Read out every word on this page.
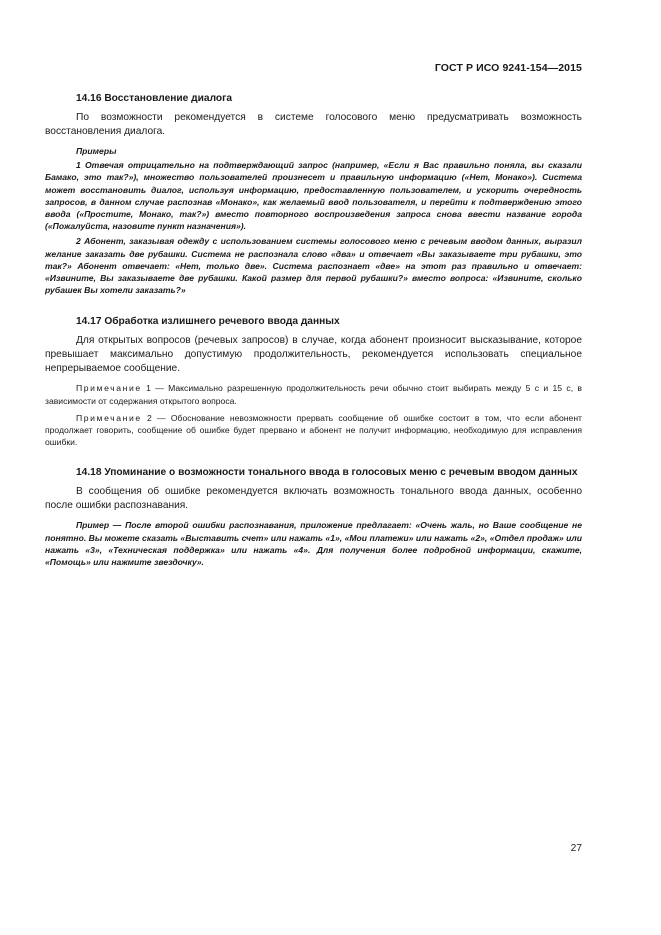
ГОСТ Р ИСО 9241-154—2015

14.16 Восстановление диалога

По возможности рекомендуется в системе голосового меню предусматривать возможность восстановления диалога.

Примеры

1 Отвечая отрицательно на подтверждающий запрос (например, «Если я Вас правильно поняла, вы сказали Бамако, это так?»), множество пользователей произнесет и правильную информацию («Нет, Монако»). Система может восстановить диалог, используя информацию, предоставленную пользователем, и ускорить очередность запросов, в данном случае распознав «Монако», как желаемый ввод пользователя, и перейти к подтверждению этого ввода («Простите, Монако, так?») вместо повторного воспроизведения запроса снова ввести название города («Пожалуйста, назовите пункт назначения»).

2 Абонент, заказывая одежду с использованием системы голосового меню с речевым вводом данных, выразил желание заказать две рубашки. Система не распознала слово «два» и отвечает «Вы заказываете три рубашки, это так?» Абонент отвечает: «Нет, только две». Система распознает «две» на этот раз правильно и отвечает: «Извините, Вы заказываете две рубашки. Какой размер для первой рубашки?» вместо вопроса: «Извините, сколько рубашек Вы хотели заказать?»

14.17 Обработка излишнего речевого ввода данных

Для открытых вопросов (речевых запросов) в случае, когда абонент произносит высказывание, которое превышает максимально допустимую продолжительность, рекомендуется использовать специальное непрерываемое сообщение.

Примечание 1 — Максимально разрешенную продолжительность речи обычно стоит выбирать между 5 с и 15 с, в зависимости от содержания открытого вопроса.

Примечание 2 — Обоснование невозможности прервать сообщение об ошибке состоит в том, что если абонент продолжает говорить, сообщение об ошибке будет прервано и абонент не получит информацию, необходимую для исправления ошибки.

14.18 Упоминание о возможности тонального ввода в голосовых меню с речевым вводом данных

В сообщения об ошибке рекомендуется включать возможность тонального ввода данных, особенно после ошибки распознавания.

Пример — После второй ошибки распознавания, приложение предлагает: «Очень жаль, но Ваше сообщение не понятно. Вы можете сказать «Выставить счет» или нажать «1», «Мои платежи» или нажать «2», «Отдел продаж» или нажать «3», «Техническая поддержка» или нажать «4». Для получения более подробной информации, скажите, «Помощь» или нажмите звездочку».

27
